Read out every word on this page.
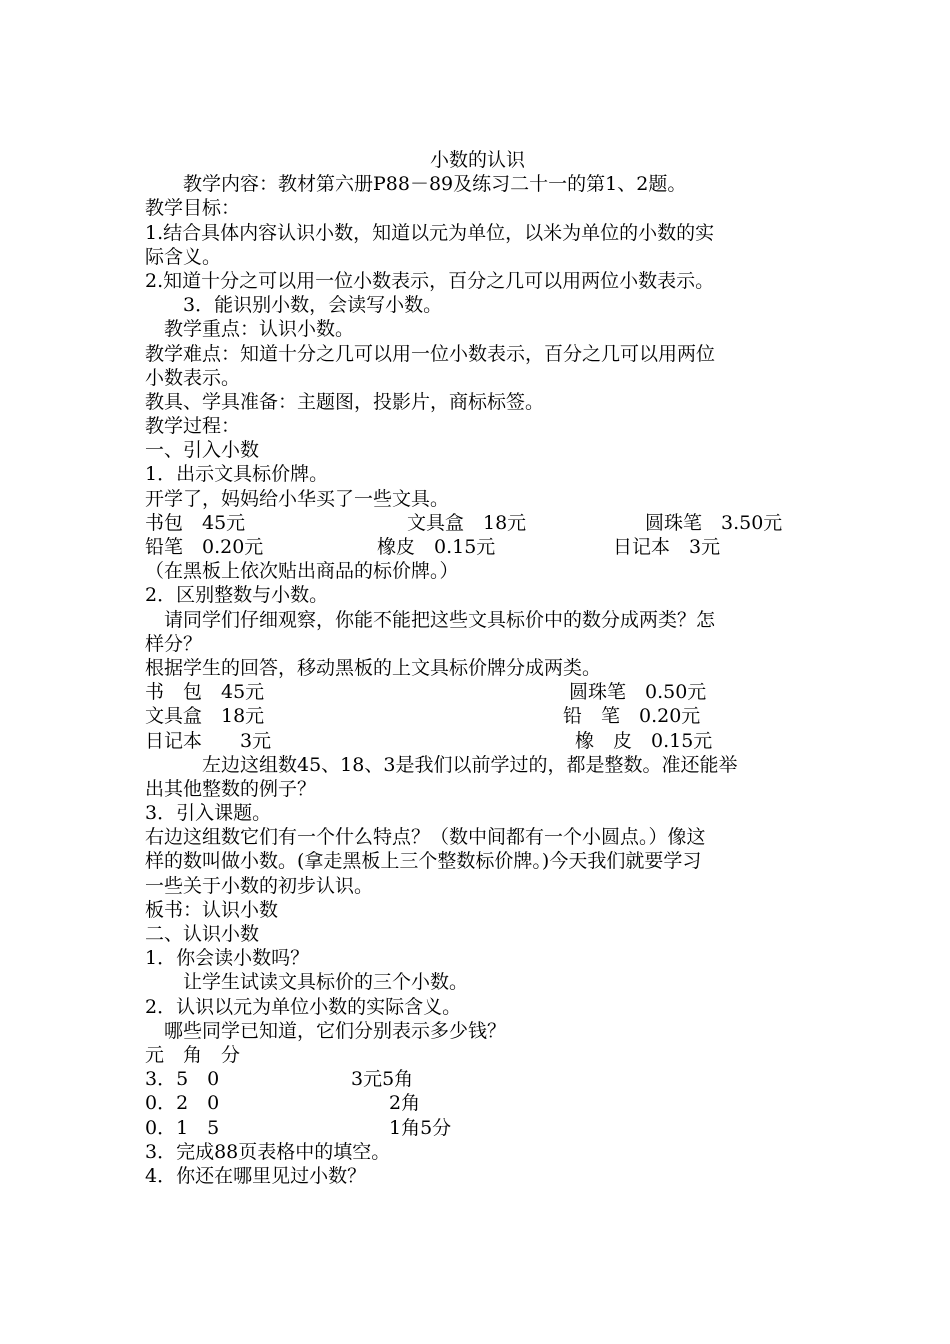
小数的认识
　　教学内容：教材第六册P88－89及练习二十一的第1、2题。
教学目标：
1.结合具体内容认识小数，知道以元为单位，以米为单位的小数的实
际含义。
2.知道十分之可以用一位小数表示，百分之几可以用两位小数表示。
　　3．能识别小数，会读写小数。
　教学重点：认识小数。
教学难点：知道十分之几可以用一位小数表示，百分之几可以用两位
小数表示。
教具、学具准备：主题图，投影片，商标标签。
教学过程：
一、引入小数
1．出示文具标价牌。
开学了，妈妈给小华买了一些文具。
书包　45元	文具盒　18元	圆珠笔　3.50元
铅笔　0.20元	橡皮　0.15元	日记本　3元
（在黑板上依次贴出商品的标价牌。）
2．区别整数与小数。
　请同学们仔细观察，你能不能把这些文具标价中的数分成两类？怎
样分？
根据学生的回答，移动黑板的上文具标价牌分成两类。
书　包　45元	圆珠笔　0.50元
文具盒　18元	铅　笔　0.20元
日记本　　3元	橡　皮　0.15元
　　　左边这组数45、18、3是我们以前学过的，都是整数。准还能举
出其他整数的例子？
3．引入课题。
右边这组数它们有一个什么特点？（数中间都有一个小圆点。）像这
样的数叫做小数。(拿走黑板上三个整数标价牌。)今天我们就要学习
一些关于小数的初步认识。
板书：认识小数
二、认识小数
1．你会读小数吗？
　　让学生试读文具标价的三个小数。
2．认识以元为单位小数的实际含义。
　哪些同学已知道，它们分别表示多少钱？
元　角　分
3．5　0	3元5角
0．2　0	2角
0．1　5	1角5分
3．完成88页表格中的填空。
4．你还在哪里见过小数？
